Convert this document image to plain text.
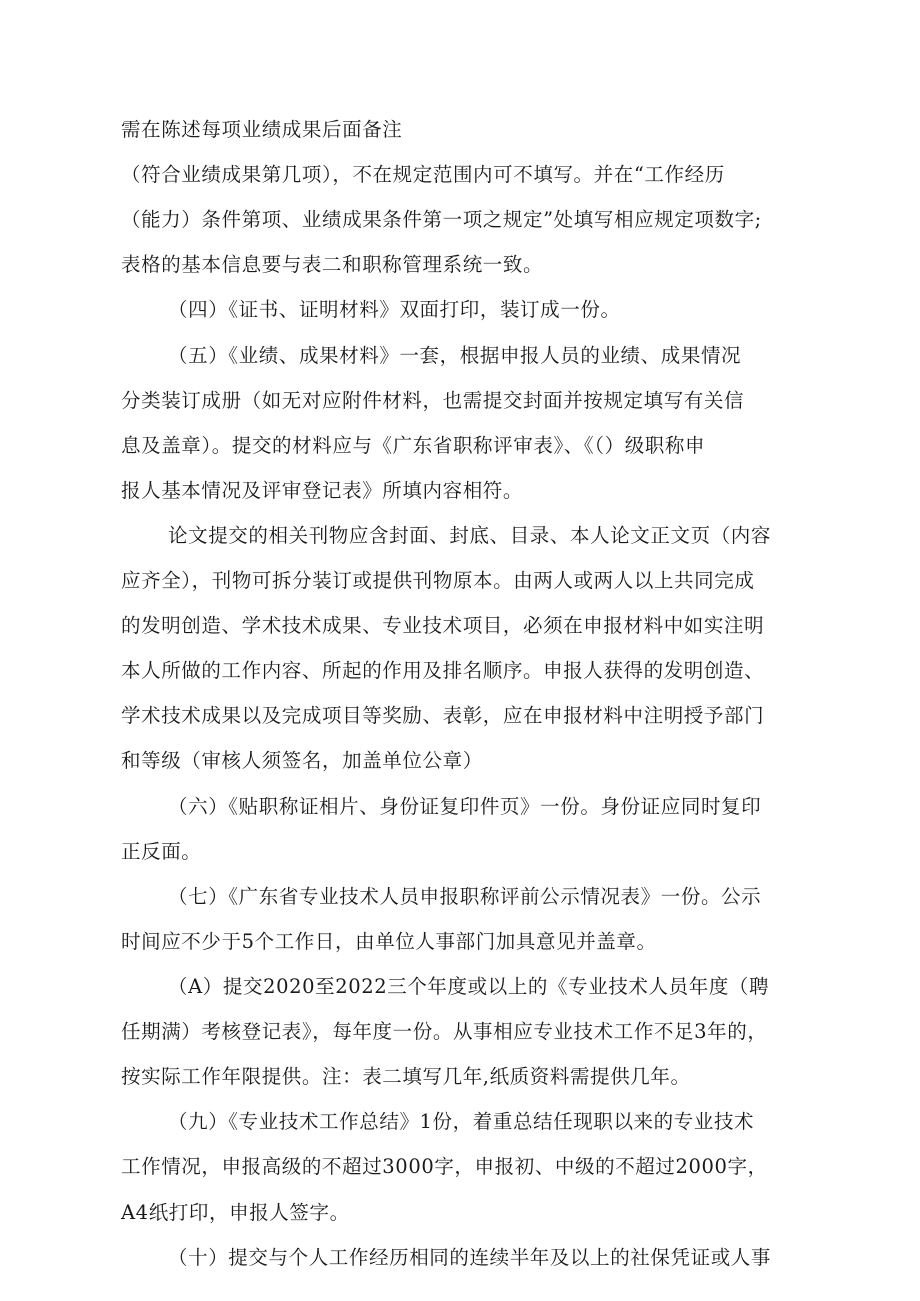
需在陈述每项业绩成果后面备注
（符合业绩成果第几项），不在规定范围内可不填写。并在“工作经历
（能力）条件第项、业绩成果条件第一项之规定”处填写相应规定项数字;
表格的基本信息要与表二和职称管理系统一致。
（四）《证书、证明材料》双面打印，装订成一份。
（五）《业绩、成果材料》一套，根据申报人员的业绩、成果情况
分类装订成册（如无对应附件材料，也需提交封面并按规定填写有关信
息及盖章）。提交的材料应与《广东省职称评审表》、《（）级职称申
报人基本情况及评审登记表》所填内容相符。
论文提交的相关刊物应含封面、封底、目录、本人论文正文页（内容
应齐全），刊物可拆分装订或提供刊物原本。由两人或两人以上共同完成
的发明创造、学术技术成果、专业技术项目，必须在申报材料中如实注明
本人所做的工作内容、所起的作用及排名顺序。申报人获得的发明创造、
学术技术成果以及完成项目等奖励、表彰，应在申报材料中注明授予部门
和等级（审核人须签名，加盖单位公章）
（六）《贴职称证相片、身份证复印件页》一份。身份证应同时复印
正反面。
（七）《广东省专业技术人员申报职称评前公示情况表》一份。公示
时间应不少于5个工作日，由单位人事部门加具意见并盖章。
（A）提交2020至2022三个年度或以上的《专业技术人员年度（聘
任期满）考核登记表》，每年度一份。从事相应专业技术工作不足3年的，
按实际工作年限提供。注：表二填写几年,纸质资料需提供几年。
（九）《专业技术工作总结》1份，着重总结任现职以来的专业技术
工作情况，申报高级的不超过3000字，申报初、中级的不超过2000字，
A4纸打印，申报人签字。
（十）提交与个人工作经历相同的连续半年及以上的社保凭证或人事
